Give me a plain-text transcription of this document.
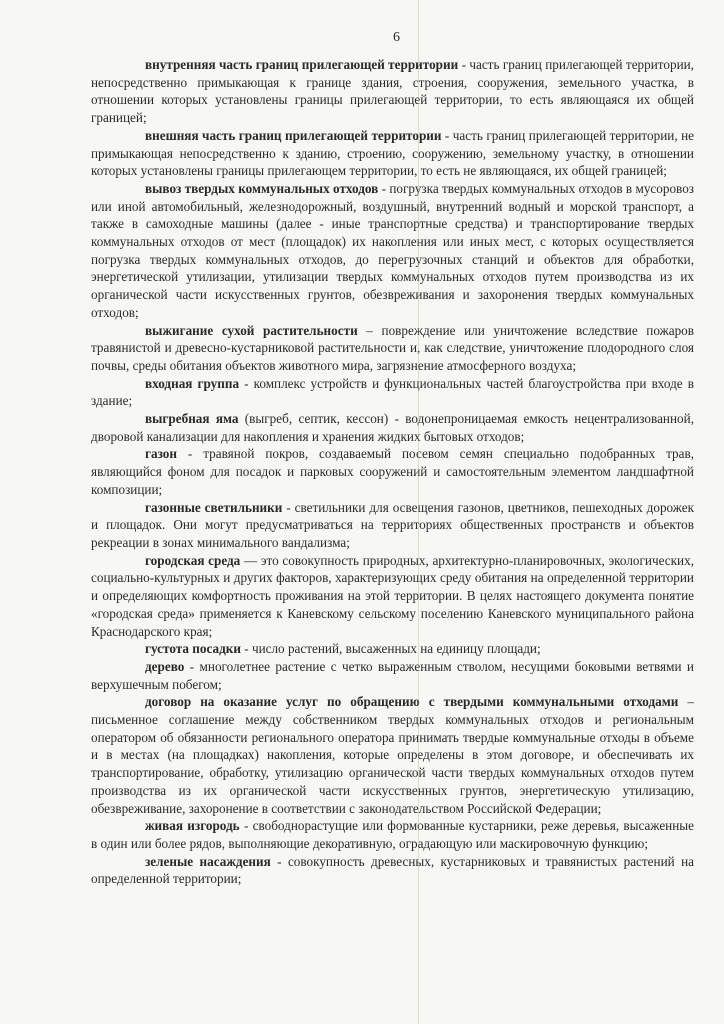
6

внутренняя часть границ прилегающей территории - часть границ прилегающей территории, непосредственно примыкающая к границе здания, строения, сооружения, земельного участка, в отношении которых установлены границы прилегающей территории, то есть являющаяся их общей границей;

внешняя часть границ прилегающей территории - часть границ прилегающей территории, не примыкающая непосредственно к зданию, строению, сооружению, земельному участку, в отношении которых установлены границы прилегающем территории, то есть не являющаяся, их общей границей;

вывоз твердых коммунальных отходов - погрузка твердых коммунальных отходов в мусоровоз или иной автомобильный, железнодорожный, воздушный, внутренний водный и морской транспорт, а также в самоходные машины (далее - иные транспортные средства) и транспортирование твердых коммунальных отходов от мест (площадок) их накопления или иных мест, с которых осуществляется погрузка твердых коммунальных отходов, до перегрузочных станций и объектов для обработки, энергетической утилизации, утилизации твердых коммунальных отходов путем производства из их органической части искусственных грунтов, обезвреживания и захоронения твердых коммунальных отходов;

выжигание сухой растительности – повреждение или уничтожение вследствие пожаров травянистой и древесно-кустарниковой растительности и, как следствие, уничтожение плодородного слоя почвы, среды обитания объектов животного мира, загрязнение атмосферного воздуха;

входная группа - комплекс устройств и функциональных частей благоустройства при входе в здание;

выгребная яма (выгреб, септик, кессон) - водонепроницаемая емкость нецентрализованной, дворовой канализации для накопления и хранения жидких бытовых отходов;

газон - травяной покров, создаваемый посевом семян специально подобранных трав, являющийся фоном для посадок и парковых сооружений и самостоятельным элементом ландшафтной композиции;

газонные светильники - светильники для освещения газонов, цветников, пешеходных дорожек и площадок. Они могут предусматриваться на территориях общественных пространств и объектов рекреации в зонах минимального вандализма;

городская среда — это совокупность природных, архитектурно-планировочных, экологических, социально-культурных и других факторов, характеризующих среду обитания на определенной территории и определяющих комфортность проживания на этой территории. В целях настоящего документа понятие «городская среда» применяется к Каневскому сельскому поселению Каневского муниципального района Краснодарского края;

густота посадки - число растений, высаженных на единицу площади;

дерево - многолетнее растение с четко выраженным стволом, несущими боковыми ветвями и верхушечным побегом;

договор на оказание услуг по обращению с твердыми коммунальными отходами – письменное соглашение между собственником твердых коммунальных отходов и региональным оператором об обязанности регионального оператора принимать твердые коммунальные отходы в объеме и в местах (на площадках) накопления, которые определены в этом договоре, и обеспечивать их транспортирование, обработку, утилизацию органической части твердых коммунальных отходов путем производства из их органической части искусственных грунтов, энергетическую утилизацию, обезвреживание, захоронение в соответствии с законодательством Российской Федерации;

живая изгородь - свободнорастущие или формованные кустарники, реже деревья, высаженные в один или более рядов, выполняющие декоративную, оградающую или маскировочную функцию;

зеленые насаждения - совокупность древесных, кустарниковых и травянистых растений на определенной территории;
